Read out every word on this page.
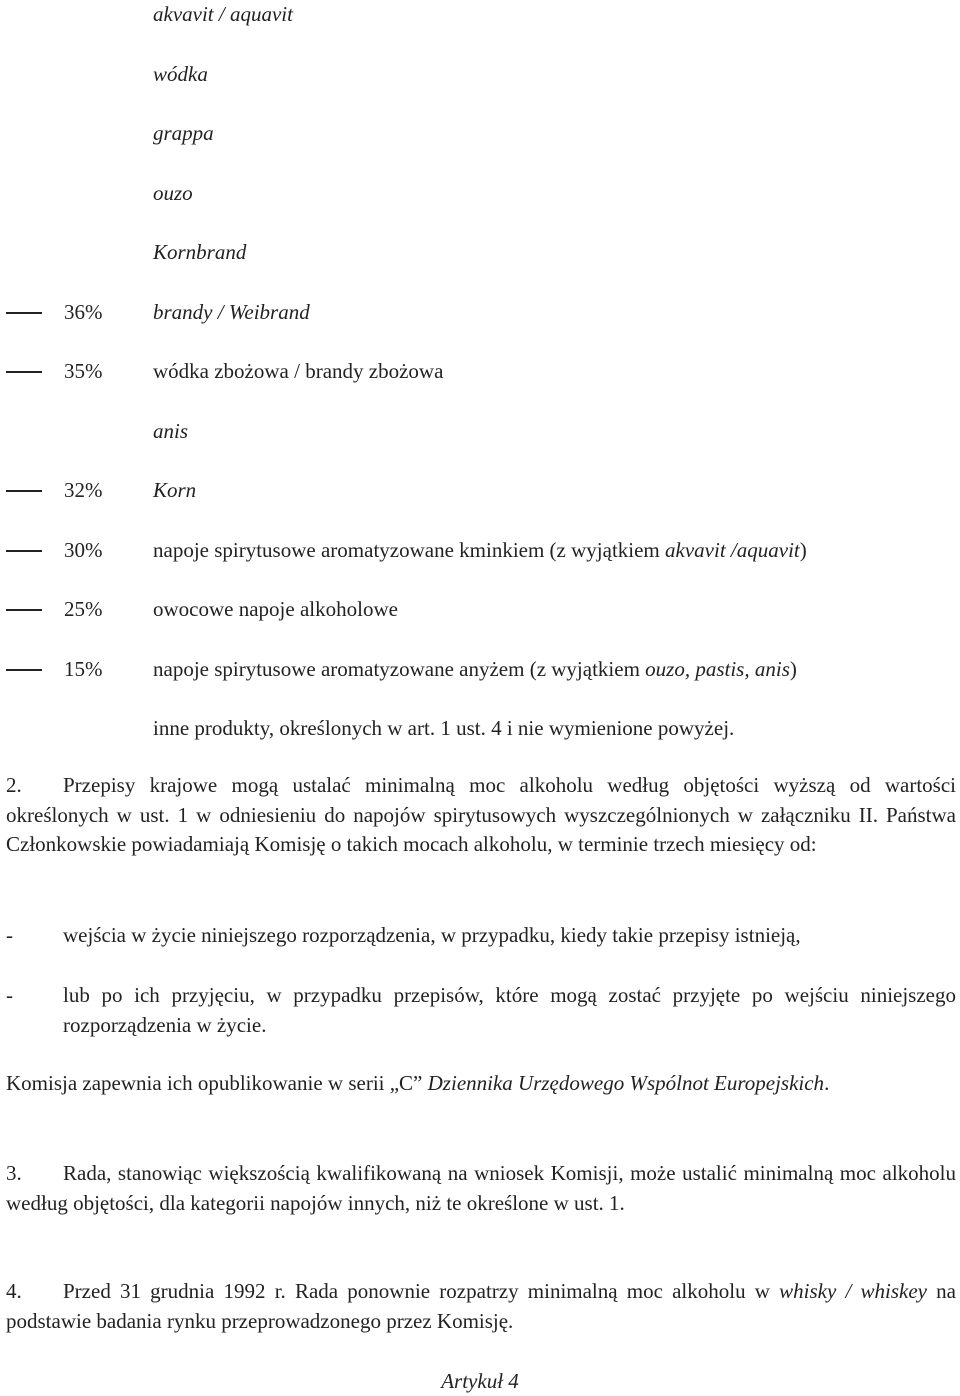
akvavit / aquavit
wódka
grappa
ouzo
Kornbrand
36% brandy / Weibrand
35% wódka zbożowa / brandy zbożowa
anis
32% Korn
30% napoje spirytusowe aromatyzowane kminkiem (z wyjątkiem akvavit /aquavit)
25% owocowe napoje alkoholowe
15% napoje spirytusowe aromatyzowane anyżem (z wyjątkiem ouzo, pastis, anis)
inne produkty, określonych w art. 1 ust. 4 i nie wymienione powyżej.
2. Przepisy krajowe mogą ustalać minimalną moc alkoholu według objętości wyższą od wartości określonych w ust. 1 w odniesieniu do napojów spirytusowych wyszczególnionych w załączniku II. Państwa Członkowskie powiadamiają Komisję o takich mocach alkoholu, w terminie trzech miesięcy od:
- wejścia w życie niniejszego rozporządzenia, w przypadku, kiedy takie przepisy istnieją,
- lub po ich przyjęciu, w przypadku przepisów, które mogą zostać przyjęte po wejściu niniejszego rozporządzenia w życie.
Komisja zapewnia ich opublikowanie w serii „C” Dziennika Urzędowego Wspólnot Europejskich.
3. Rada, stanowiąc większością kwalifikowaną na wniosek Komisji, może ustalić minimalną moc alkoholu według objętości, dla kategorii napojów innych, niż te określone w ust. 1.
4. Przed 31 grudnia 1992 r. Rada ponownie rozpatrzy minimalną moc alkoholu w whisky / whiskey na podstawie badania rynku przeprowadzonego przez Komisję.
Artykuł 4
